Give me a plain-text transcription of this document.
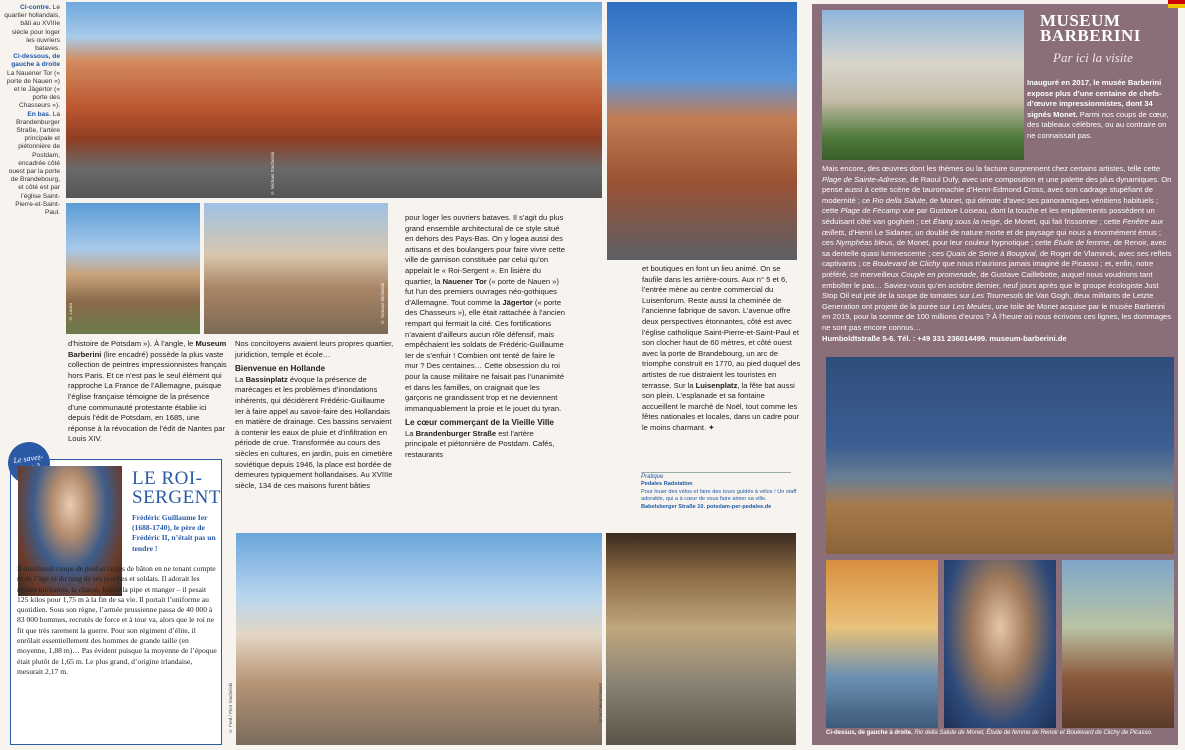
Ci-contre. Le quartier hollandais, bâti au XVIIIe siècle pour loger les ouvriers bataves.
Ci-dessous, de gauche à droite La Nauener Tor (« porte de Nauen ») et le Jägertor (« porte des Chasseurs »).
En bas. La Brandenburger Straße, l’artère principale et piétonnière de Postdam, encadrée côté ouest par la porte de Brandebourg, et côté est par l’église Saint-Pierre-et-Saint-Paul.
© Michael Stachelski
© Laura	© Tomasz Michalski
d’histoire de Potsdam »). À l’angle, le Museum Barberini (lire encadré) possède la plus vaste collection de peintres impressionnistes français hors Paris. Et ce n’est pas le seul élément qui rapproche La France de l’Allemagne, puisque l’église française témoigne de la présence d’une communauté protestante établie ici depuis l’édit de Potsdam, en 1685, une réponse à la révocation de l’édit de Nantes par Louis XIV.
Nos concitoyens avaient leurs propres quartier, juridiction, temple et école…
Bienvenue en Hollande
La Bassinplatz évoque la présence de marécages et les problèmes d’inondations inhérents, qui décidèrent Frédéric-Guillaume Ier à faire appel au savoir-faire des Hollandais en matière de drainage. Ces bassins servaient à contenir les eaux de pluie et d’infiltration en période de crue. Transformée au cours des siècles en cultures, en jardin, puis en cimetière soviétique depuis 1946, la place est bordée de demeures typiquement hollandaises. Au XVIIIe siècle, 134 de ces maisons furent bâties
pour loger les ouvriers bataves. Il s’agit du plus grand ensemble architectural de ce style situé en dehors des Pays-Bas. On y logea aussi des artisans et des boulangers pour faire vivre cette ville de garnison constituée par celui qu’on appelait le « Roi-Sergent ». En lisière du quartier, la Nauener Tor (« porte de Nauen ») fut l’un des premiers ouvrages néo-gothiques d’Allemagne. Tout comme la Jägertor (« porte des Chasseurs »), elle était rattachée à l’ancien rempart qui fermait la cité. Ces fortifications n’avaient d’ailleurs aucun rôle défensif, mais empêchaient les soldats de Frédéric-Guillaume Ier de s’enfuir ! Combien ont tenté de faire le mur ? Des centaines… Cette obsession du roi pour la cause militaire ne faisait pas l’unanimité et dans les familles, on craignait que les garçons ne grandissent trop et ne deviennent immanquablement la proie et le jouet du tyran.
Le cœur commerçant de la Vieille Ville
La Brandenburger Straße est l’artère principale et piétonnière de Postdam. Cafés, restaurants
et boutiques en font un lieu animé. On se faufile dans les arrière-cours. Aux n° 5 et 6, l’entrée mène au centre commercial du Luisenforum. Reste aussi la cheminée de l’ancienne fabrique de savon. L’avenue offre deux perspectives étonnantes, côté est avec l’église catholique Saint-Pierre-et-Saint-Paul et son clocher haut de 60 mètres, et côté ouest avec la porte de Brandebourg, un arc de triomphe construit en 1770, au pied duquel des artistes de rue distraient les touristes en terrasse. Sur la Luisenplatz, la fête bat aussi son plein. L’esplanade et sa fontaine accueillent le marché de Noël, tout comme les fêtes nationales et locales, dans un cadre pour le moins charmant. ✦
Pratique
Pedales Radstation
Pour louer des vélos et faire des tours guidés à vélos ! Un staff adorable, qui a à cœur de vous faire aimer sa ville.
Babelsberger Straße 10. potsdam-per-pedales.de
© Fred / Piotr Stachelski	© M.Cakan/Kleinitz
Le savez-vous
LE ROI-SERGENT
Frédéric Guillaume Ier (1688-1740), le père de Frédéric II, n’était pas un tendre !
Il distribuait coups de pied et coups de bâton en ne tenant compte ni de l’âge ni du rang de ses proches et soldats. Il adorait les revues militaires, la chasse, fumer la pipe et manger – il pesait 125 kilos pour 1,75 m à la fin de sa vie. Il portait l’uniforme au quotidien. Sous son règne, l’armée prussienne passa de 40 000 à 83 000 hommes, recrutés de force et à tour va, alors que le roi ne fit que très rarement la guerre. Pour son régiment d’élite, il enrôlait essentiellement des hommes de grande taille (en moyenne, 1,88 m)… Pas évident puisque la moyenne de l’époque était plutôt de 1,65 m. Le plus grand, d’origine irlandaise, mesurait 2,17 m.
MUSEUM BARBERINI
Par ici la visite
Inauguré en 2017, le musée Barberini expose plus d’une centaine de chefs-d’œuvre impressionnistes, dont 34 signés Monet. Parmi nos coups de cœur, des tableaux célèbres, ou au contraire on ne connaissait pas.
Mais encore, des œuvres dont les thèmes ou la facture surprennent chez certains artistes, telle cette Plage de Sainte-Adresse, de Raoul Dufy, avec une composition et une palette des plus dynamiques. On pense aussi à cette scène de tauromachie d’Henri-Edmond Cross, avec son cadrage stupéfiant de modernité ; ce Rio della Salute, de Monet, qui dénote d’avec ses panoramiques vénitiens habituels ; cette Plage de Fécamp vue par Gustave Loiseau, dont la touche et les empâtements possèdent un séduisant côté van goghien ; cet Étang sous la neige, de Monet, qui fait frissonner ; cette Fenêtre aux œillets, d’Henri Le Sidaner, un doublé de nature morte et de paysage qui nous a énormément émus ; ces Nymphéas bleus, de Monet, pour leur couleur hypnotique ; cette Étude de femme, de Renoir, avec sa dentelle quasi luminescente ; ces Quais de Seine à Bougival, de Roger de Vlaminck, avec ses reflets captivants ; ce Boulevard de Clichy que nous n’aurions jamais imaginé de Picasso ; et, enfin, notre préféré, ce merveilleux Couple en promenade, de Gustave Caillebotte, auquel nous voudrions tant emboîter le pas… Saviez-vous qu’en octobre dernier, neuf jours après que le groupe écologiste Just Stop Oil eut jeté de la soupe de tomates sur Les Tournesols de Van Gogh, deux militants de Letzte Generation ont projeté de la purée sur Les Meules, une toile de Monet acquise par le musée Barberini en 2019, pour la somme de 100 millions d’euros ? À l’heure où nous écrivons ces lignes, les dommages ne sont pas encore connus…
Humboldtstraße 5-6. Tél. : +49 331 236014499. museum-barberini.de
Ci-dessus, de gauche à droite. Rio della Salute de Monet, Étude de femme de Renoir et Boulevard de Clichy de Picasso.
